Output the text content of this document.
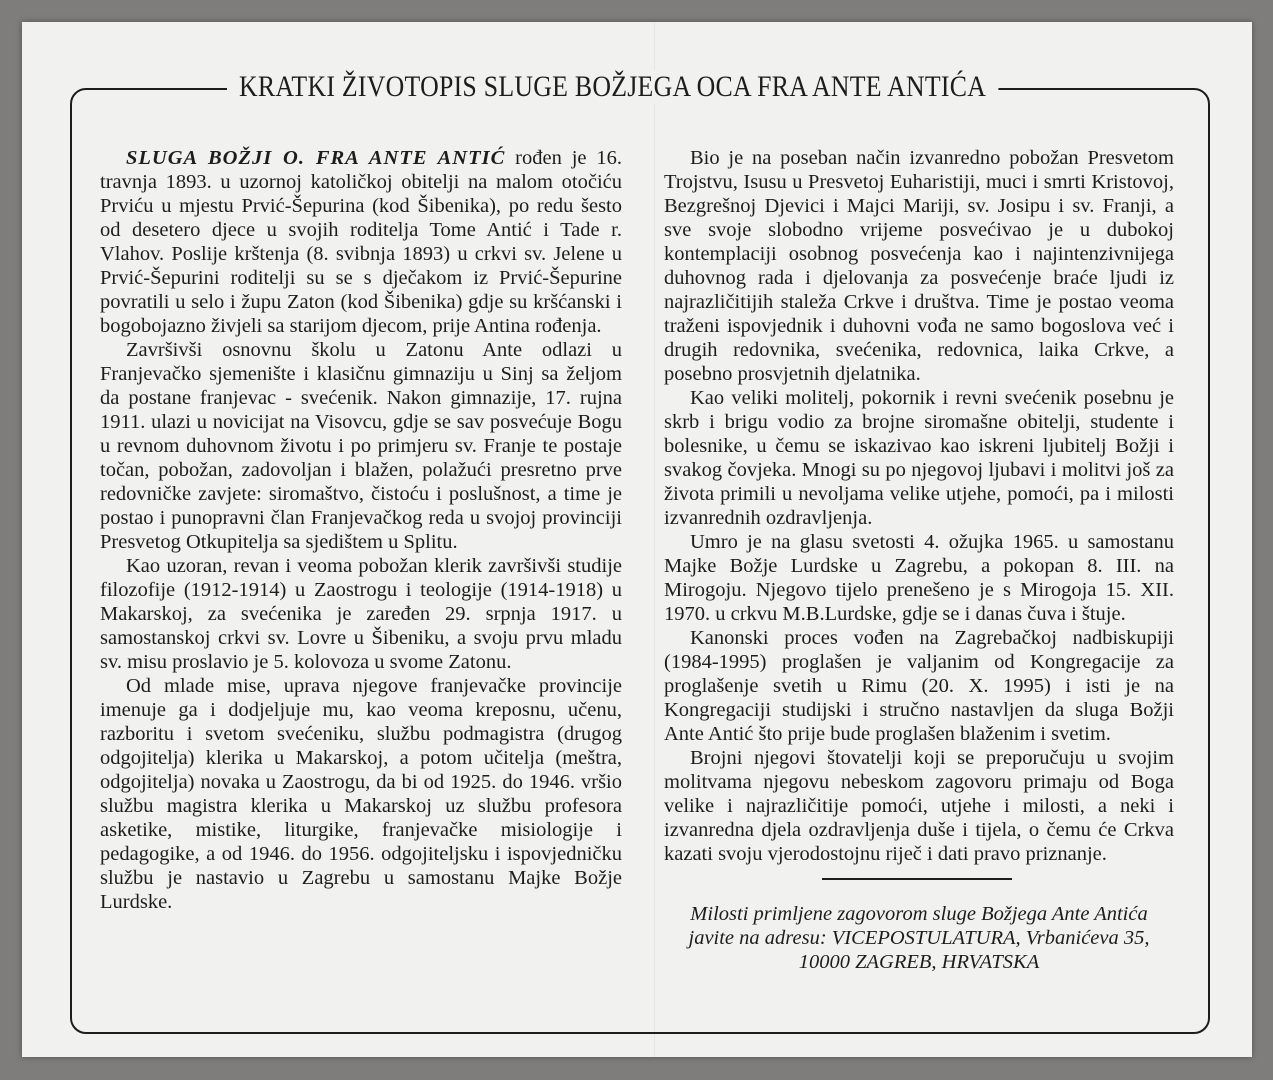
KRATKI ŽIVOTOPIS SLUGE BOŽJEGA OCA FRA ANTE ANTIĆA

SLUGA BOŽJI O. FRA ANTE ANTIĆ rođen je 16. travnja 1893. u uzornoj katoličkoj obitelji na malom otočiću Prviću u mjestu Prvić-Šepurina (kod Šibenika), po redu šesto od desetero djece u svojih roditelja Tome Antić i Tade r. Vlahov. Poslije krštenja (8. svibnja 1893) u crkvi sv. Jelene u Prvić-Šepurini roditelji su se s dječakom iz Prvić-Šepurine povratili u selo i župu Zaton (kod Šibenika) gdje su kršćanski i bogobojazno živjeli sa starijom djecom, prije Antina rođenja.

Završivši osnovnu školu u Zatonu Ante odlazi u Franjevačko sjemenište i klasičnu gimnaziju u Sinj sa željom da postane franjevac - svećenik. Nakon gimnazije, 17. rujna 1911. ulazi u novicijat na Visovcu, gdje se sav posvećuje Bogu u revnom duhovnom životu i po primjeru sv. Franje te postaje točan, pobožan, zadovoljan i blažen, polažući presretno prve redovničke zavjete: siromaštvo, čistoću i poslušnost, a time je postao i punopravni član Franjevačkog reda u svojoj provinciji Presvetog Otkupitelja sa sjedištem u Splitu.

Kao uzoran, revan i veoma pobožan klerik završivši studije filozofije (1912-1914) u Zaostrogu i teologije (1914-1918) u Makarskoj, za svećenika je zaređen 29. srpnja 1917. u samostanskoj crkvi sv. Lovre u Šibeniku, a svoju prvu mladu sv. misu proslavio je 5. kolovoza u svome Zatonu.

Od mlade mise, uprava njegove franjevačke provincije imenuje ga i dodjeljuje mu, kao veoma kreposnu, učenu, razboritu i svetom svećeniku, službu podmagistra (drugog odgojitelja) klerika u Makarskoj, a potom učitelja (meštra, odgojitelja) novaka u Zaostrogu, da bi od 1925. do 1946. vršio službu magistra klerika u Makarskoj uz službu profesora asketike, mistike, liturgike, franjevačke misiologije i pedagogike, a od 1946. do 1956. odgojiteljsku i ispovjedničku službu je nastavio u Zagrebu u samostanu Majke Božje Lurdske.

Bio je na poseban način izvanredno pobožan Presvetom Trojstvu, Isusu u Presvetoj Euharistiji, muci i smrti Kristovoj, Bezgrešnoj Djevici i Majci Mariji, sv. Josipu i sv. Franji, a sve svoje slobodno vrijeme posvećivao je u dubokoj kontemplaciji osobnog posvećenja kao i najintenzivnijega duhovnog rada i djelovanja za posvećenje braće ljudi iz najrazličitijih staleža Crkve i društva. Time je postao veoma traženi ispovjednik i duhovni vođa ne samo bogoslova već i drugih redovnika, svećenika, redovnica, laika Crkve, a posebno prosvjetnih djelatnika.

Kao veliki molitelj, pokornik i revni svećenik posebnu je skrb i brigu vodio za brojne siromašne obitelji, studente i bolesnike, u čemu se iskazivao kao iskreni ljubitelj Božji i svakog čovjeka. Mnogi su po njegovoj ljubavi i molitvi još za života primili u nevoljama velike utjehe, pomoći, pa i milosti izvanrednih ozdravljenja.

Umro je na glasu svetosti 4. ožujka 1965. u samostanu Majke Božje Lurdske u Zagrebu, a pokopan 8. III. na Mirogoju. Njegovo tijelo prenešeno je s Mirogoja 15. XII. 1970. u crkvu M.B.Lurdske, gdje se i danas čuva i štuje.

Kanonski proces vođen na Zagrebačkoj nadbiskupiji (1984-1995) proglašen je valjanim od Kongregacije za proglašenje svetih u Rimu (20. X. 1995) i isti je na Kongregaciji studijski i stručno nastavljen da sluga Božji Ante Antić što prije bude proglašen blaženim i svetim.

Brojni njegovi štovatelji koji se preporučuju u svojim molitvama njegovu nebeskom zagovoru primaju od Boga velike i najrazličitije pomoći, utjehe i milosti, a neki i izvanredna djela ozdravljenja duše i tijela, o čemu će Crkva kazati svoju vjerodostojnu riječ i dati pravo priznanje.

Milosti primljene zagovorom sluge Božjega Ante Antića
javite na adresu: VICEPOSTULATURA, Vrbanićeva 35,
10000 ZAGREB, HRVATSKA
